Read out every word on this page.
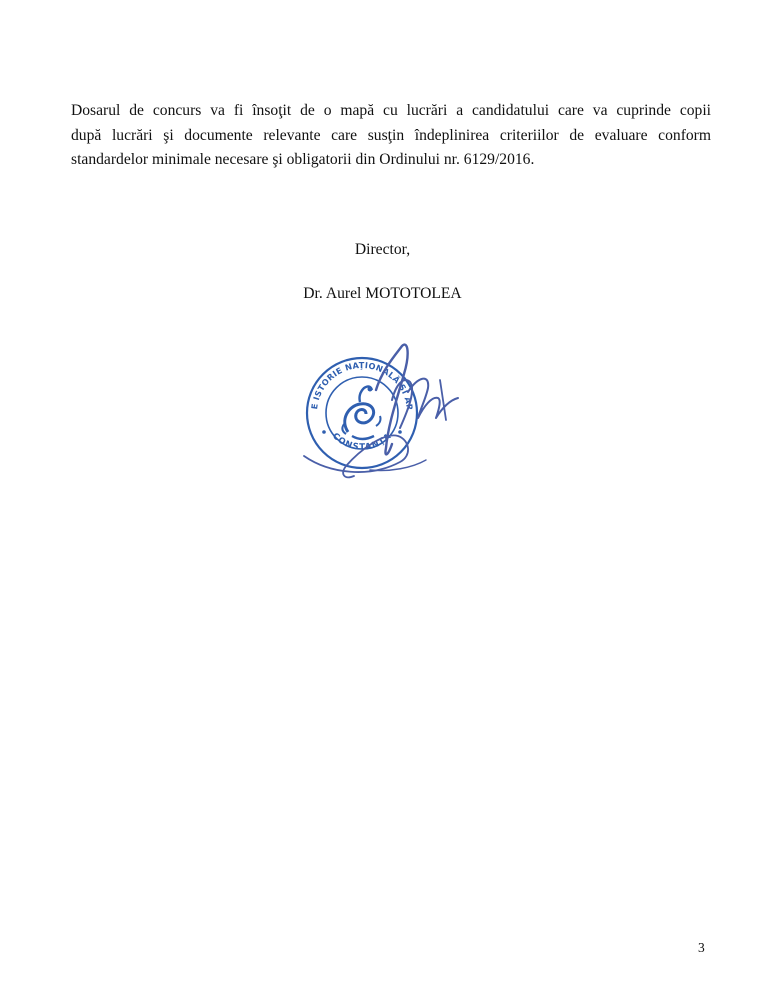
Dosarul de concurs va fi însoţit de o mapă cu lucrări a candidatului care va cuprinde copii
după lucrări şi documente relevante care susţin îndeplinirea criteriilor de evaluare conform
standardelor minimale necesare şi obligatorii din Ordinului nr. 6129/2016.

Director,
Dr. Aurel MOTOTOLEA
E ISTORIE NAŢIONALĂ ŞI AR
CONSTANŢA
3
